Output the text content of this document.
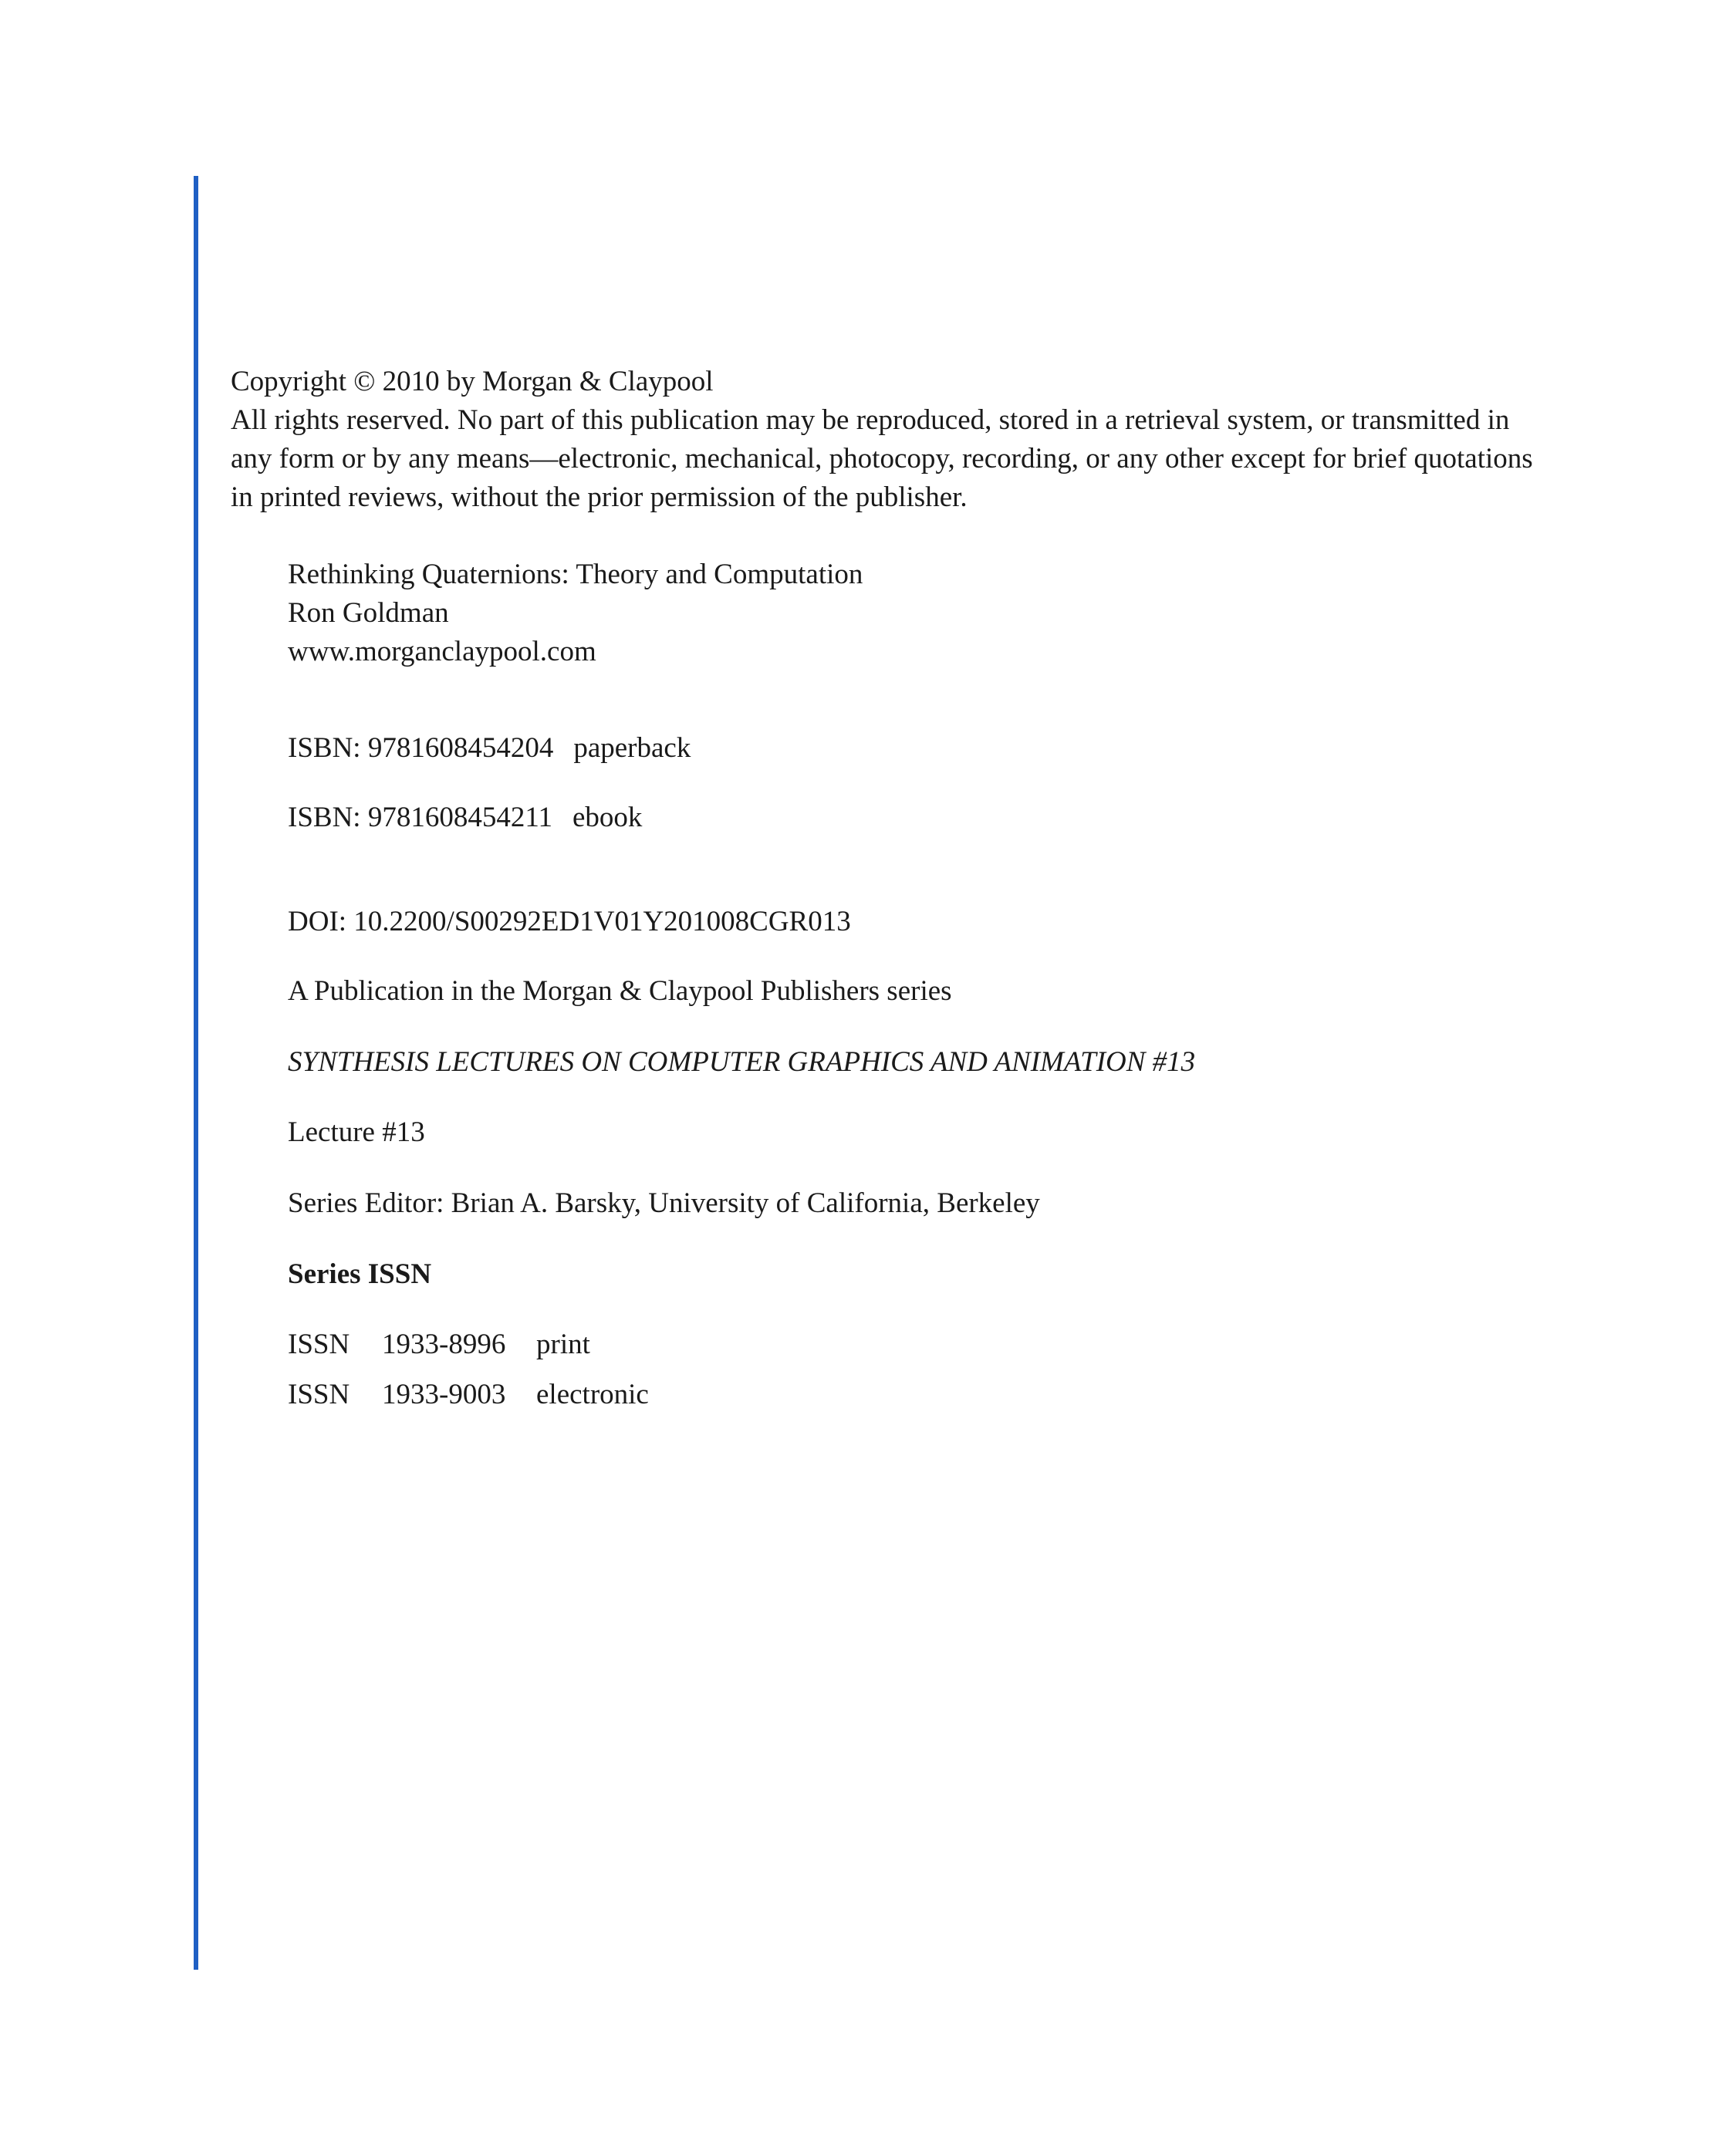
Copyright © 2010 by Morgan & Claypool

All rights reserved. No part of this publication may be reproduced, stored in a retrieval system, or transmitted in any form or by any means—electronic, mechanical, photocopy, recording, or any other except for brief quotations in printed reviews, without the prior permission of the publisher.

Rethinking Quaternions: Theory and Computation
Ron Goldman
www.morganclaypool.com
ISBN: 9781608454204 paperback
ISBN: 9781608454211 ebook
DOI: 10.2200/S00292ED1V01Y201008CGR013
A Publication in the Morgan & Claypool Publishers series
SYNTHESIS LECTURES ON COMPUTER GRAPHICS AND ANIMATION #13
Lecture #13
Series Editor: Brian A. Barsky, University of California, Berkeley
Series ISSN
ISSN 1933-8996 print
ISSN 1933-9003 electronic
